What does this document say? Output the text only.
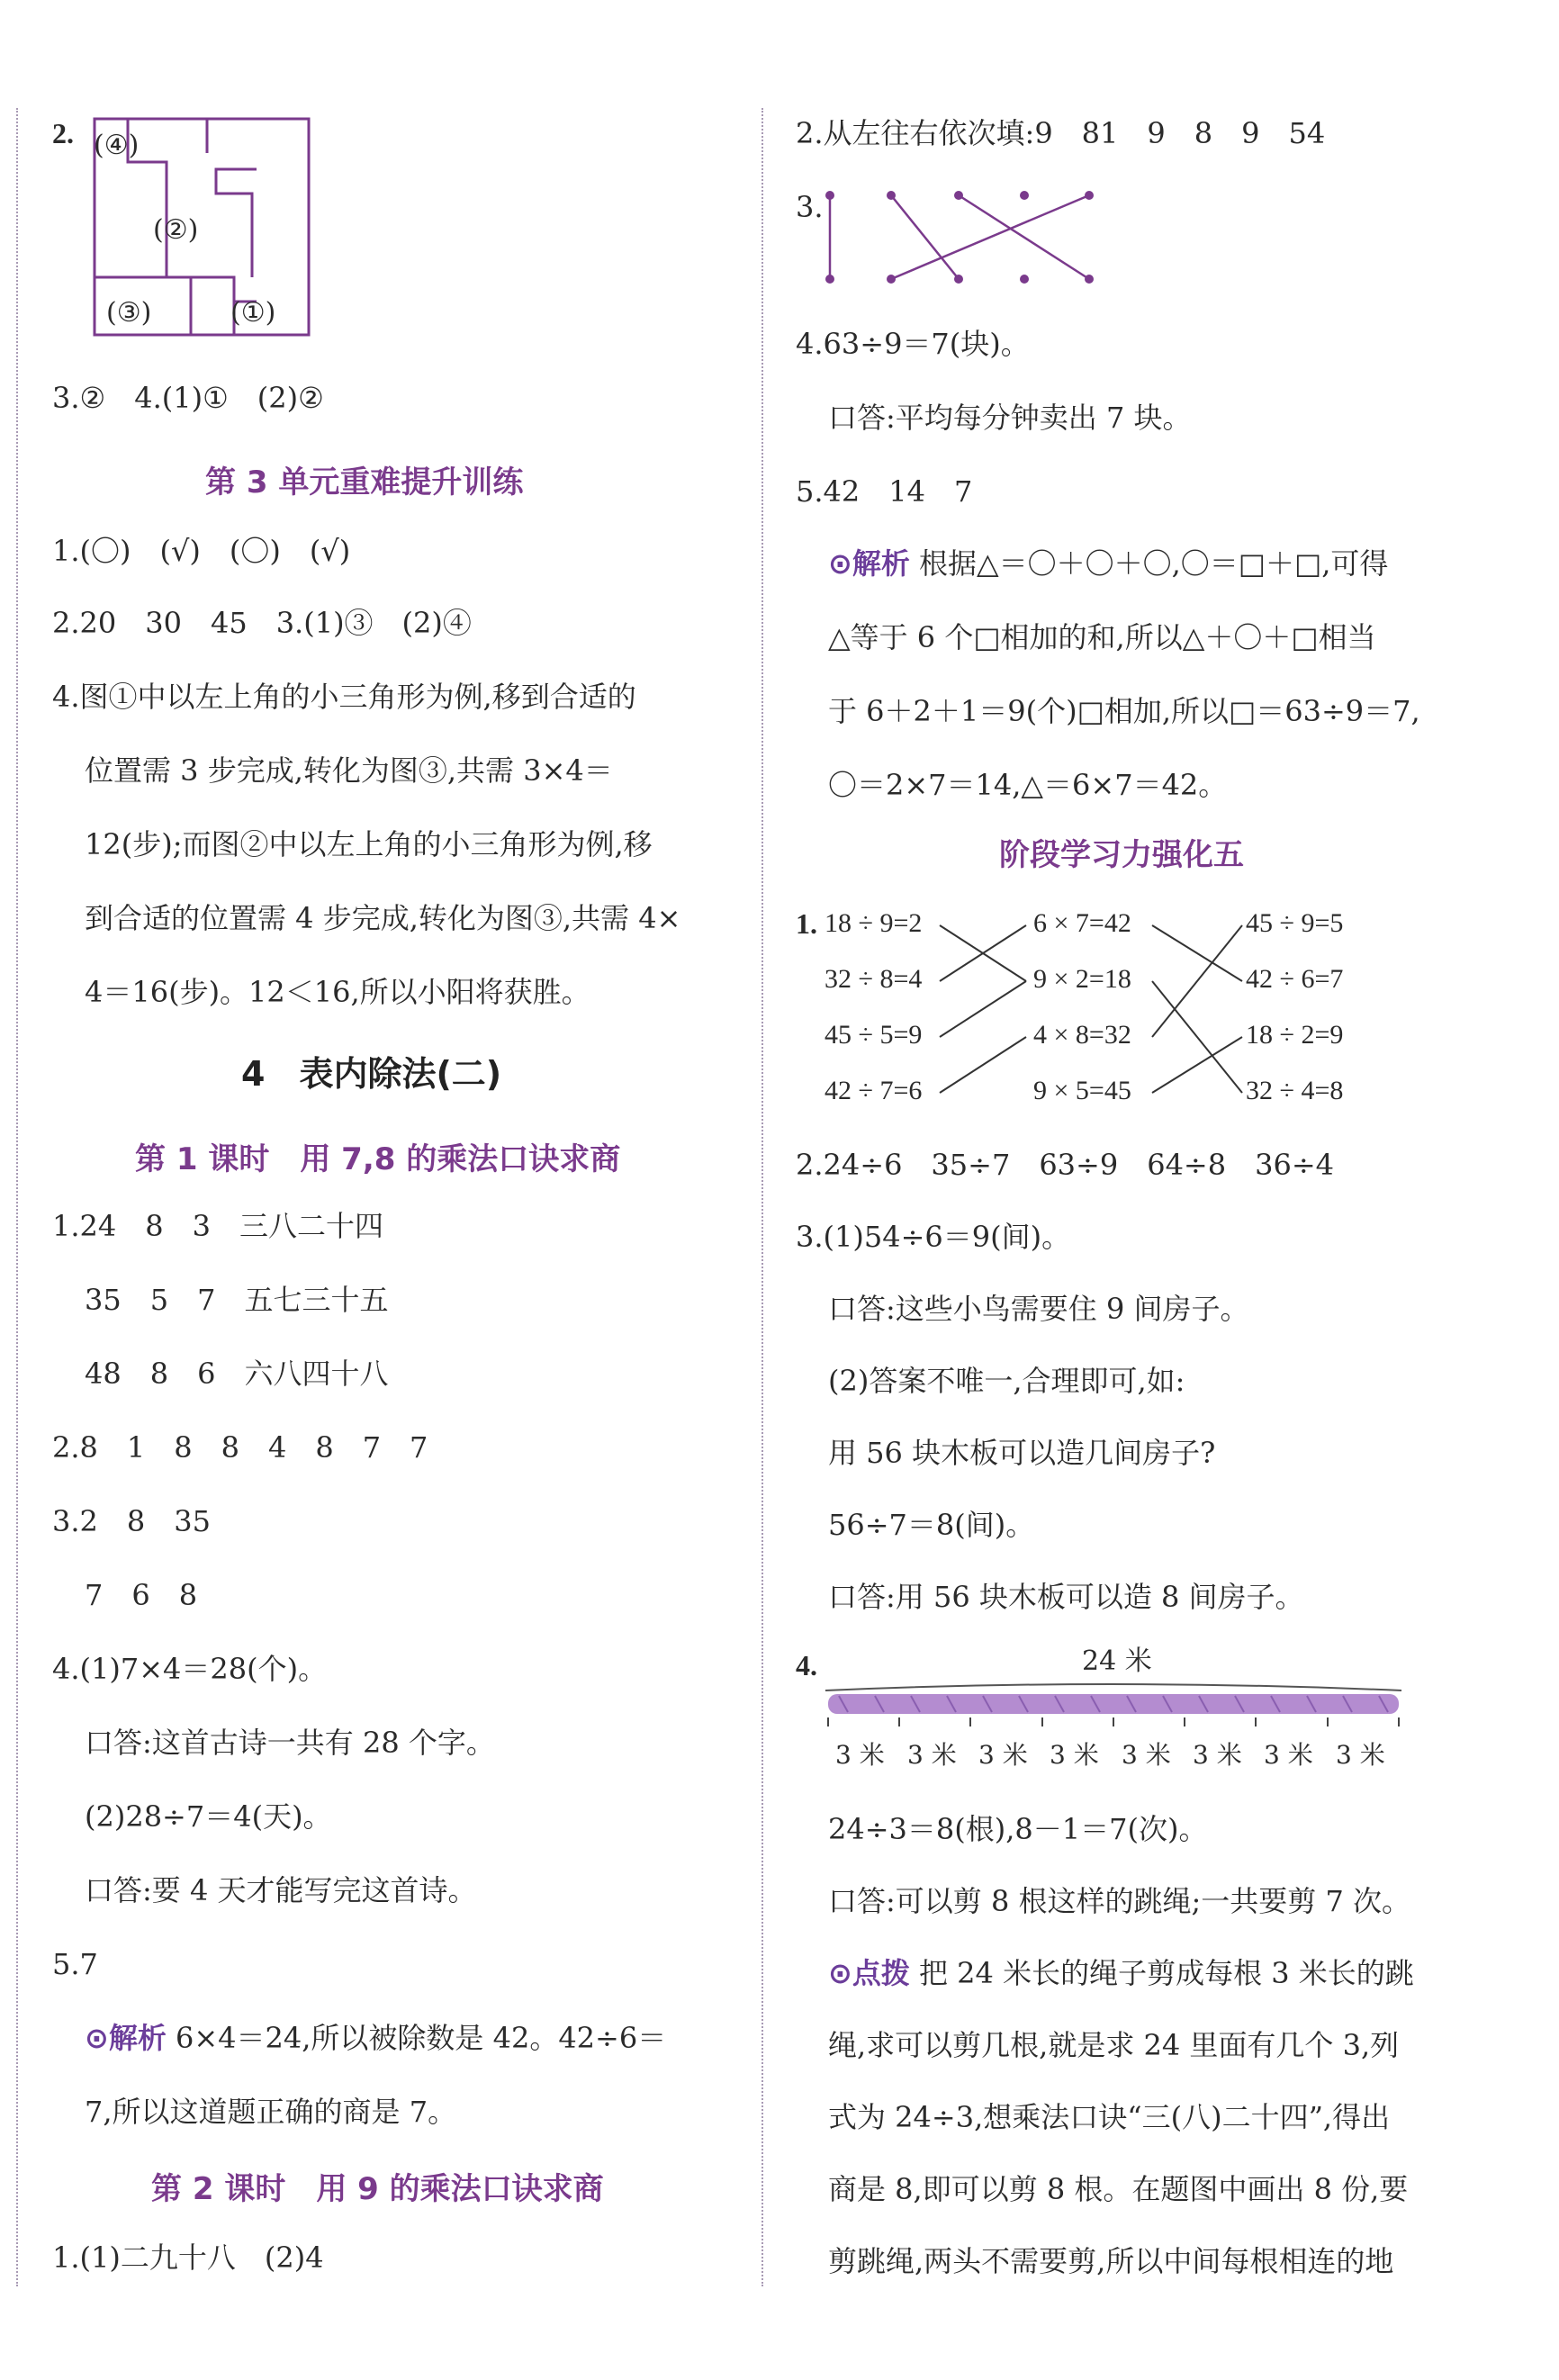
2. (④)
(②)
(③)	(①)
3.②　4.(1)①　(2)②
第 3 单元重难提升训练
1.(〇)　(√)　(〇)　(√)
2.20　30　45　3.(1)③　(2)④
4.图①中以左上角的小三角形为例,移到合适的
位置需 3 步完成,转化为图③,共需 3×4＝
12(步);而图②中以左上角的小三角形为例,移
到合适的位置需 4 步完成,转化为图③,共需 4×
4＝16(步)。12＜16,所以小阳将获胜。
4　表内除法(二)
第 1 课时　用 7,8 的乘法口诀求商
1.24　8　3　三八二十四
35　5　7　五七三十五
48　8　6　六八四十八
2.8　1　8　8　4　8　7　7
3.2　8　35
7　6　8
4.(1)7×4＝28(个)。
口答:这首古诗一共有 28 个字。
(2)28÷7＝4(天)。
口答:要 4 天才能写完这首诗。
5.7
⊙解析 6×4＝24,所以被除数是 42。42÷6＝
7,所以这道题正确的商是 7。
第 2 课时　用 9 的乘法口诀求商
1.(1)二九十八　(2)4
2.从左往右依次填:9　81　9　8　9　54
3.
4.63÷9＝7(块)。
口答:平均每分钟卖出 7 块。
5.42　14　7
⊙解析 根据△＝〇＋〇＋〇,〇＝□＋□,可得
△等于 6 个□相加的和,所以△＋〇＋□相当
于 6＋2＋1＝9(个)□相加,所以□＝63÷9＝7,
〇＝2×7＝14,△＝6×7＝42。
阶段学习力强化五
1. 18 ÷ 9=2
32 ÷ 8=4
45 ÷ 5=9
42 ÷ 7=6
6 × 7=42
9 × 2=18
4 × 8=32
9 × 5=45
45 ÷ 9=5
42 ÷ 6=7
18 ÷ 2=9
32 ÷ 4=8
2.24÷6　35÷7　63÷9　64÷8　36÷4
3.(1)54÷6＝9(间)。
口答:这些小鸟需要住 9 间房子。
(2)答案不唯一,合理即可,如:
用 56 块木板可以造几间房子?
56÷7＝8(间)。
口答:用 56 块木板可以造 8 间房子。
4.	24 米
3 米 3 米 3 米 3 米 3 米 3 米 3 米 3 米
24÷3＝8(根),8－1＝7(次)。
口答:可以剪 8 根这样的跳绳;一共要剪 7 次。
⊙点拨 把 24 米长的绳子剪成每根 3 米长的跳
绳,求可以剪几根,就是求 24 里面有几个 3,列
式为 24÷3,想乘法口诀“三(八)二十四”,得出
商是 8,即可以剪 8 根。在题图中画出 8 份,要
剪跳绳,两头不需要剪,所以中间每根相连的地
